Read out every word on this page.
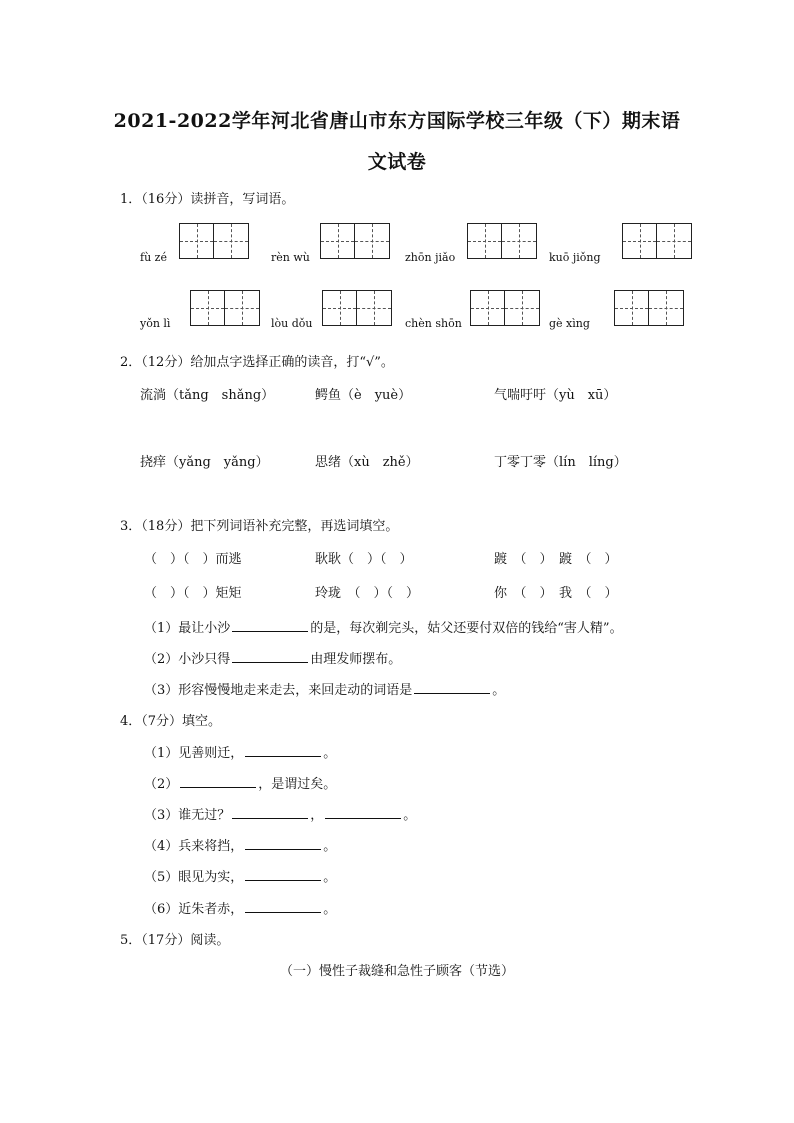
2021-2022学年河北省唐山市东方国际学校三年级（下）期末语
文试卷
1．（16分）读拼音，写词语。
fù zé	rèn wù	zhōn jiǎo	kuō jiǒng
yǒn lì	lòu dǒu	chèn shōn	gè xìng
2．（12分）给加点字选择正确的读音，打“√”。
流淌（tǎng　shǎng）	鳄鱼（è　yuè）	气喘吁吁（yù　xū）
挠痒（yǎng　yǎng）	思绪（xù　zhě）	丁零丁零（lín　líng）
3．（18分）把下列词语补充完整，再选词填空。
（　）（　）而逃	耿耿（　）（　）	踱　（　）　踱　（　）
（　）（　）矩矩	玲珑　（　）（　）	你　（　）　我　（　）
（1）最让小沙	的是，每次剃完头，姑父还要付双倍的钱给“害人精”。
（2）小沙只得	由理发师摆布。
（3）形容慢慢地走来走去，来回走动的词语是	。
4．（7分）填空。
（1）见善则迁，	。
（2）	，是谓过矣。
（3）谁无过？	，	。
（4）兵来将挡，	。
（5）眼见为实，	。
（6）近朱者赤，	。
5．（17分）阅读。
（一）慢性子裁缝和急性子顾客（节选）
